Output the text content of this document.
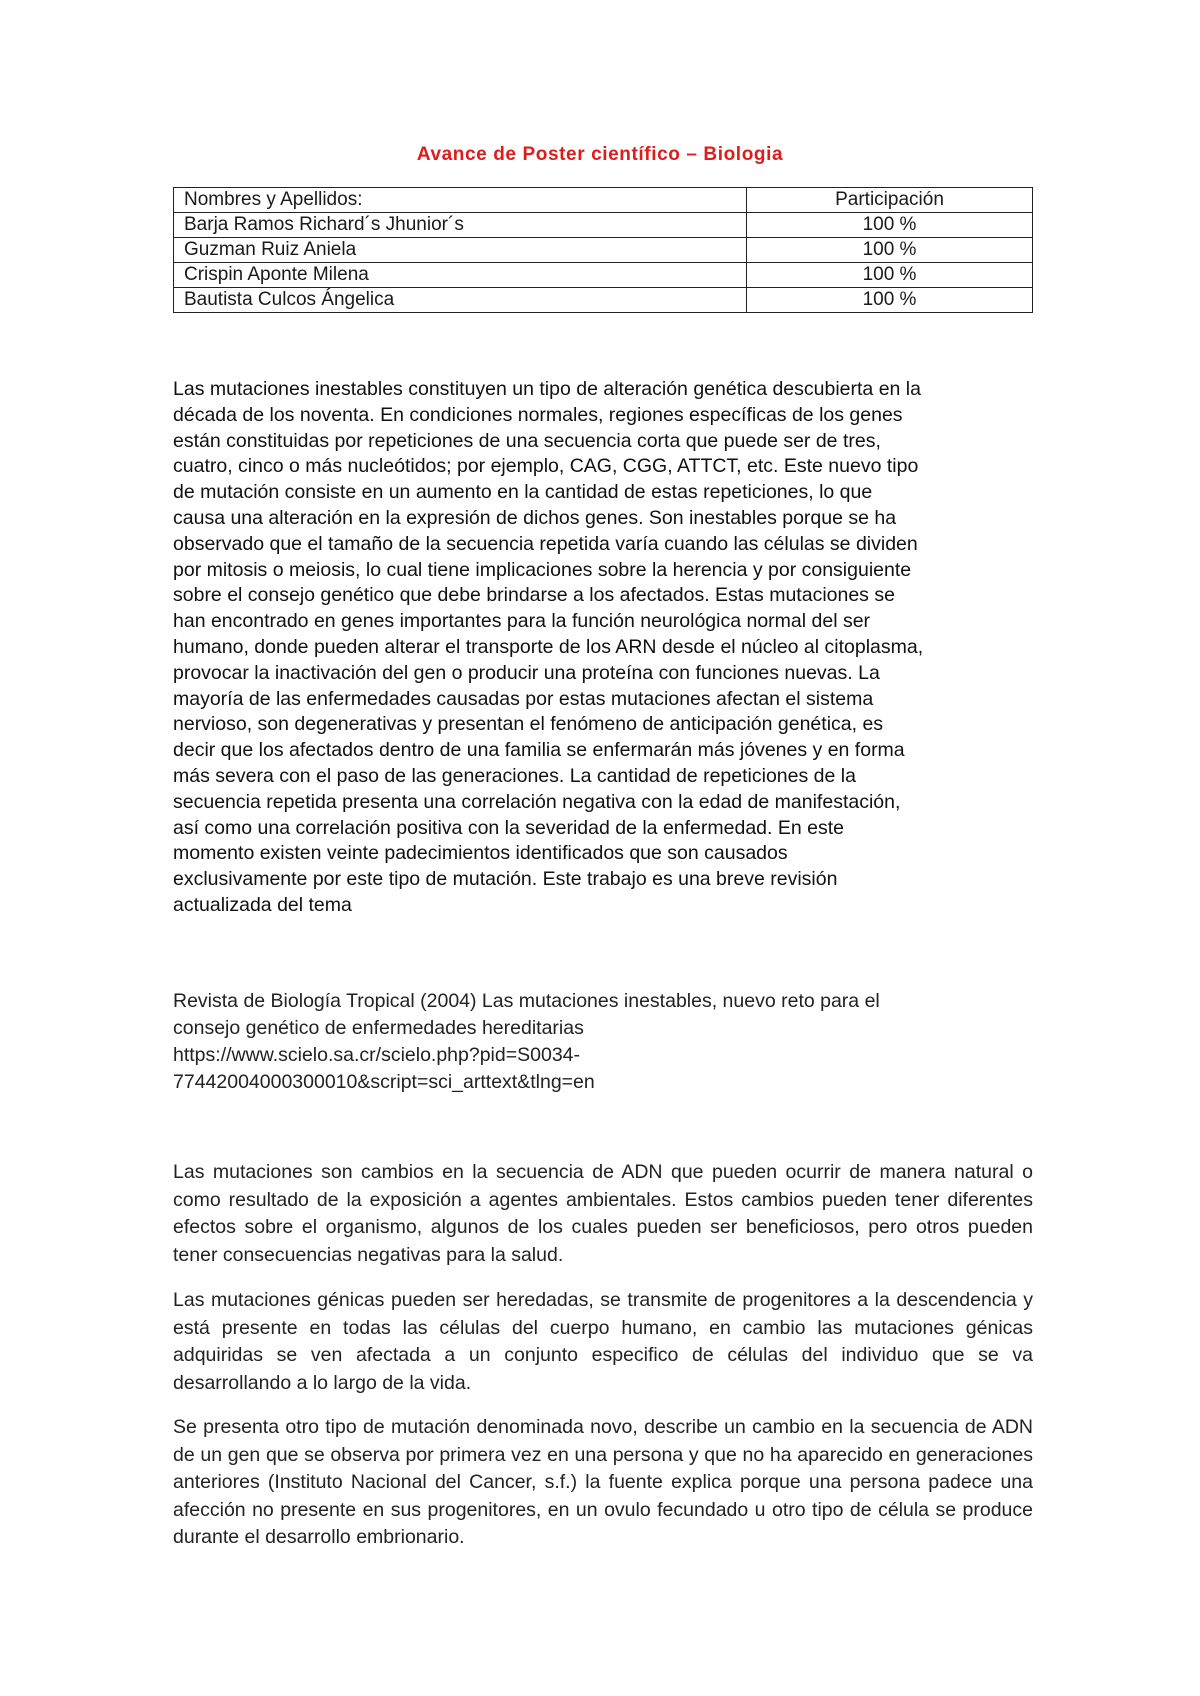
Avance de Poster científico – Biologia
Nombres y Apellidos:	Participación
Barja Ramos Richard´s Jhunior´s	100 %
Guzman Ruiz Aniela	100 %
Crispin Aponte Milena	100 %
Bautista Culcos Ángelica	100 %
Las mutaciones inestables constituyen un tipo de alteración genética descubierta en la
década de los noventa. En condiciones normales, regiones específicas de los genes
están constituidas por repeticiones de una secuencia corta que puede ser de tres,
cuatro, cinco o más nucleótidos; por ejemplo, CAG, CGG, ATTCT, etc. Este nuevo tipo
de mutación consiste en un aumento en la cantidad de estas repeticiones, lo que
causa una alteración en la expresión de dichos genes. Son inestables porque se ha
observado que el tamaño de la secuencia repetida varía cuando las células se dividen
por mitosis o meiosis, lo cual tiene implicaciones sobre la herencia y por consiguiente
sobre el consejo genético que debe brindarse a los afectados. Estas mutaciones se
han encontrado en genes importantes para la función neurológica normal del ser
humano, donde pueden alterar el transporte de los ARN desde el núcleo al citoplasma,
provocar la inactivación del gen o producir una proteína con funciones nuevas. La
mayoría de las enfermedades causadas por estas mutaciones afectan el sistema
nervioso, son degenerativas y presentan el fenómeno de anticipación genética, es
decir que los afectados dentro de una familia se enfermarán más jóvenes y en forma
más severa con el paso de las generaciones. La cantidad de repeticiones de la
secuencia repetida presenta una correlación negativa con la edad de manifestación,
así como una correlación positiva con la severidad de la enfermedad. En este
momento existen veinte padecimientos identificados que son causados
exclusivamente por este tipo de mutación. Este trabajo es una breve revisión
actualizada del tema
Revista de Biología Tropical (2004) Las mutaciones inestables, nuevo reto para el
consejo genético de enfermedades hereditarias
https://www.scielo.sa.cr/scielo.php?pid=S0034-
77442004000300010&script=sci_arttext&tlng=en

Las mutaciones son cambios en la secuencia de ADN que pueden ocurrir de manera natural o como resultado de la exposición a agentes ambientales. Estos cambios pueden tener diferentes efectos sobre el organismo, algunos de los cuales pueden ser beneficiosos, pero otros pueden tener consecuencias negativas para la salud.

Las mutaciones génicas pueden ser heredadas, se transmite de progenitores a la descendencia y está presente en todas las células del cuerpo humano, en cambio las mutaciones génicas adquiridas se ven afectada a un conjunto especifico de células del individuo que se va desarrollando a lo largo de la vida.

Se presenta otro tipo de mutación denominada novo, describe un cambio en la secuencia de ADN de un gen que se observa por primera vez en una persona y que no ha aparecido en generaciones anteriores (Instituto Nacional del Cancer, s.f.) la fuente explica porque una persona padece una afección no presente en sus progenitores, en un ovulo fecundado u otro tipo de célula se produce durante el desarrollo embrionario.
